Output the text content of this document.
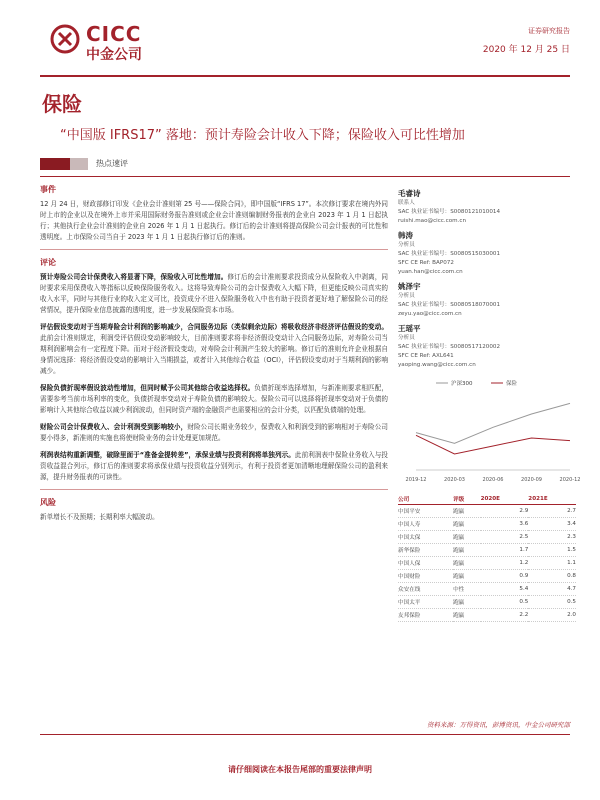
CICC
中金公司
证券研究报告
2020 年 12 月 25 日
保险
“中国版 IFRS17” 落地：预计寿险会计收入下降；保险收入可比性增加
热点速评
事件

12 月 24 日，财政部修订印发《企业会计准则第 25 号——保险合同》，即中国版“IFRS 17”。本次修订要求在境内外同时上市的企业以及在境外上市并采用国际财务报告准则或企业会计准则编制财务报表的企业自 2023 年 1 月 1 日起执行；其他执行企业会计准则的企业自 2026 年 1 月 1 日起执行。修订后的会计准则将提高保险公司会计报表的可比性和透明度。上市保险公司当自于 2023 年 1 月 1 日起执行修订后的准则。

评论

预计寿险公司会计保费收入将显著下降，保险收入可比性增加。修订后的会计准则要求投资成分从保险收入中剥离，同时要求采用保费收入等指标以反映保险服务收入。这将导致寿险公司的会计保费收入大幅下降，但更能反映公司真实的收入水平，同时与其他行业的收入定义可比，投资成分不进入保险服务收入中也有助于投资者更好地了解保险公司的经营情况，提升保险业信息披露的透明度，进一步发展保险资本市场。

评估假设变动对于当期寿险会计利润的影响减少，合同服务边际（类似剩余边际）将吸收经济非经济评估假设的变动。此前会计准则规定，利润受评估假设变动影响较大，目前准则要求将非经济假设变动计入合同服务边际，对寿险公司当期利润影响会有一定程度下降。而对于经济假设变动，对寿险会计利润产生较大的影响。修订后的准则允许企业根据自身情况选择：将经济假设变动的影响计入当期损益，或者计入其他综合收益（OCI），评估假设变动对于当期利润的影响减少。

保险负债折现率假设波动性增加，但同时赋予公司其他综合收益选择权。负债折现率选择增加，与新准则要求相匹配，需要参考当前市场利率的变化，负债折现率变动对于寿险负债的影响较大。保险公司可以选择将折现率变动对于负债的影响计入其他综合收益以减少利润波动，但同时资产端的金融资产也需要相应的会计分类，以匹配负债端的处理。

财险公司会计保费收入、会计利润受到影响较小，财险公司长期业务较少，保费收入和利润受到的影响相对于寿险公司要小得多，新准则的实施也将使财险业务的会计处理更加规范。

利润表结构重新调整，破除里面于“准备金提转差”，承保业绩与投资利润将单独列示。此前利润表中保险业务收入与投资收益混合列示，修订后的准则要求将承保业绩与投资收益分别列示，有利于投资者更加清晰地理解保险公司的盈利来源，提升财务报表的可读性。

风险

新单增长不及预期；长期利率大幅波动。

毛睿诗
联系人
SAC 执业证书编号：S0080121010014
ruishi.mao@cicc.com.cn
韩涛
分析员
SAC 执业证书编号：S0080515030001
SFC CE Ref: BAP072
yuan.han@cicc.com.cn
姚泽宇
分析员
SAC 执业证书编号：S0080518070001
zeyu.yao@cicc.com.cn
王瑶平
分析员
SAC 执业证书编号：S0080517120002
SFC CE Ref: AXL641
yaoping.wang@cicc.com.cn
沪深300	保险
2019-12	2020-03	2020-06	2020-09	2020-12
公司	评级	2020E	2021E
中国平安	跑赢	2.9	2.7
中国人寿	跑赢	3.6	3.4
中国太保	跑赢	2.5	2.3
新华保险	跑赢	1.7	1.5
中国人保	跑赢	1.2	1.1
中国财险	跑赢	0.9	0.8
众安在线	中性	5.4	4.7
中国太平	跑赢	0.5	0.5
友邦保险	跑赢	2.2	2.0
资料来源：万得资讯，彭博资讯，中金公司研究部
请仔细阅读在本报告尾部的重要法律声明
